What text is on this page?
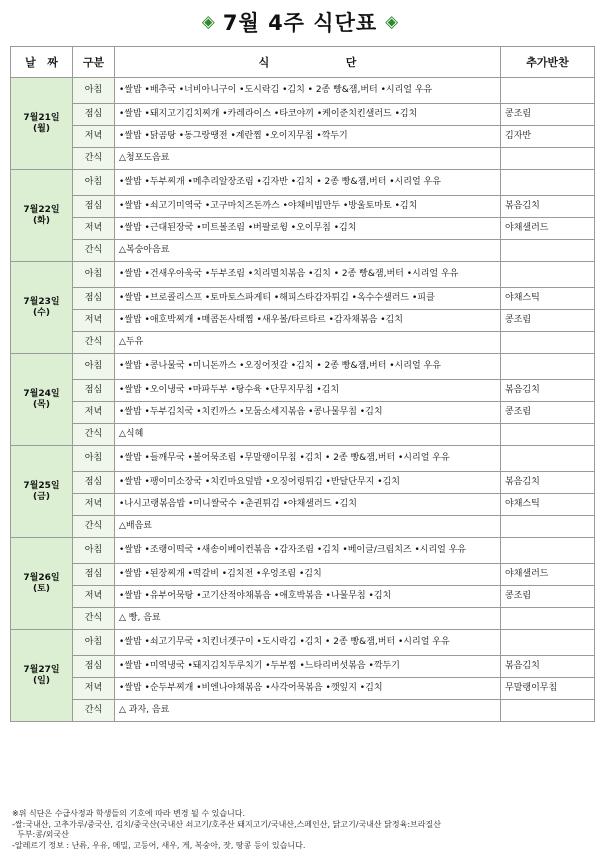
◈ 7월 4주 식단표 ◈
날   짜	구분	식                    단	추가반찬
7월21일
(월)	아침	•쌀밥 •배추국 •너비아니구이 •도시락김 •김치 • 2종 빵&잼,버터 •시리얼 우유	
	점심	•쌀밥 •돼지고기김치찌개 •카레라이스 •타코야끼 •케이준치킨샐러드 •김치	콩조림
	저녁	•쌀밥 •닭곰탕 •동그랑땡전 •계란찜 •오이지무침 •깍두기	김자반
	간식	△청포도음료	
7월22일
(화)	아침	•쌀밥 •두부찌개 •메추리알장조림 •김자반 •김치 • 2종 빵&잼,버터 •시리얼 우유	
	점심	•쌀밥 •쇠고기미역국 •고구마치즈돈까스 •야채비빔만두 •방울토마토 •김치	볶음김치
	저녁	•쌀밥 •근대된장국 •미트볼조림 •버팔로윙 •오이무침 •김치	야채샐러드
	간식	△복숭아음료	
7월23일
(수)	아침	•쌀밥 •건새우아욱국 •두부조림 •치리멸치볶음 •김치 • 2종 빵&잼,버터 •시리얼 우유	
	점심	•쌀밥 •브로콜리스프 •토마토스파게티 •해피스타감자튀김 •옥수수샐러드 •피클	야채스틱
	저녁	•쌀밥 •애호박찌개 •매콤돈사태찜 •새우볼/타르타르 •감자채볶음 •김치	콩조림
	간식	△두유	
7월24일
(목)	아침	•쌀밥 •콩나물국 •미니돈까스 •오징어젓갈 •김치 • 2종 빵&잼,버터 •시리얼 우유	
	점심	•쌀밥 •오이냉국 •마파두부 •탕수육 •단무지무침 •김치	볶음김치
	저녁	•쌀밥 •두부김치국 •치킨까스 •모둠소세지볶음 •콩나물무침 •김치	콩조림
	간식	△식혜	
7월25일
(금)	아침	•쌀밥 •들깨무국 •볼어묵조림 •무말랭이무침 •김치 • 2종 빵&잼,버터 •시리얼 우유	
	점심	•쌀밥 •팽이미소장국 •치킨마요덮밥 •오징어링튀김 •반달단무지 •김치	볶음김치
	저녁	•나시고랭볶음밥 •미니쌀국수 •춘권튀김 •야채샐러드 •김치	야채스틱
	간식	△배음료	
7월26일
(토)	아침	•쌀밥 •조랭이떡국 •새송이베이컨볶음 •감자조림 •김치 •베이글/크림치즈 •시리얼 우유	
	점심	•쌀밥 •된장찌개 •떡갈비 •김치전 •우엉조림 •김치	야채샐러드
	저녁	•쌀밥 •유부어묵탕 •고기산적야채볶음 •애호박볶음 •나물무침 •김치	콩조림
	간식	△ 빵, 음료	
7월27일
(일)	아침	•쌀밥 •쇠고기무국 •치킨너겟구이 •도시락김 •김치 • 2종 빵&잼,버터 •시리얼 우유	
	점심	•쌀밥 •미역냉국 •돼지김치두루치기 •두부찜 •느타리버섯볶음 •깍두기	볶음김치
	저녁	•쌀밥 •순두부찌개 •비엔나야채볶음 •사각어묵볶음 •깻잎지 •김치	무말랭이무침
	간식	△ 과자, 음료	
※위 식단은 수급사정과 학생들의 기호에 따라 변경 될 수 있습니다.
-쌀:국내산, 고추가루/중국산, 김치/중국산(국내산 쇠고기/호주산 돼지고기/국내산,스페인산, 닭고기/국내산 닭정육:브라질산
두부:콩/외국산
-알레르기 정보 : 난류, 우유, 메밀, 고등어, 새우, 게, 복숭아, 잣, 땅콩 등이 있습니다.
